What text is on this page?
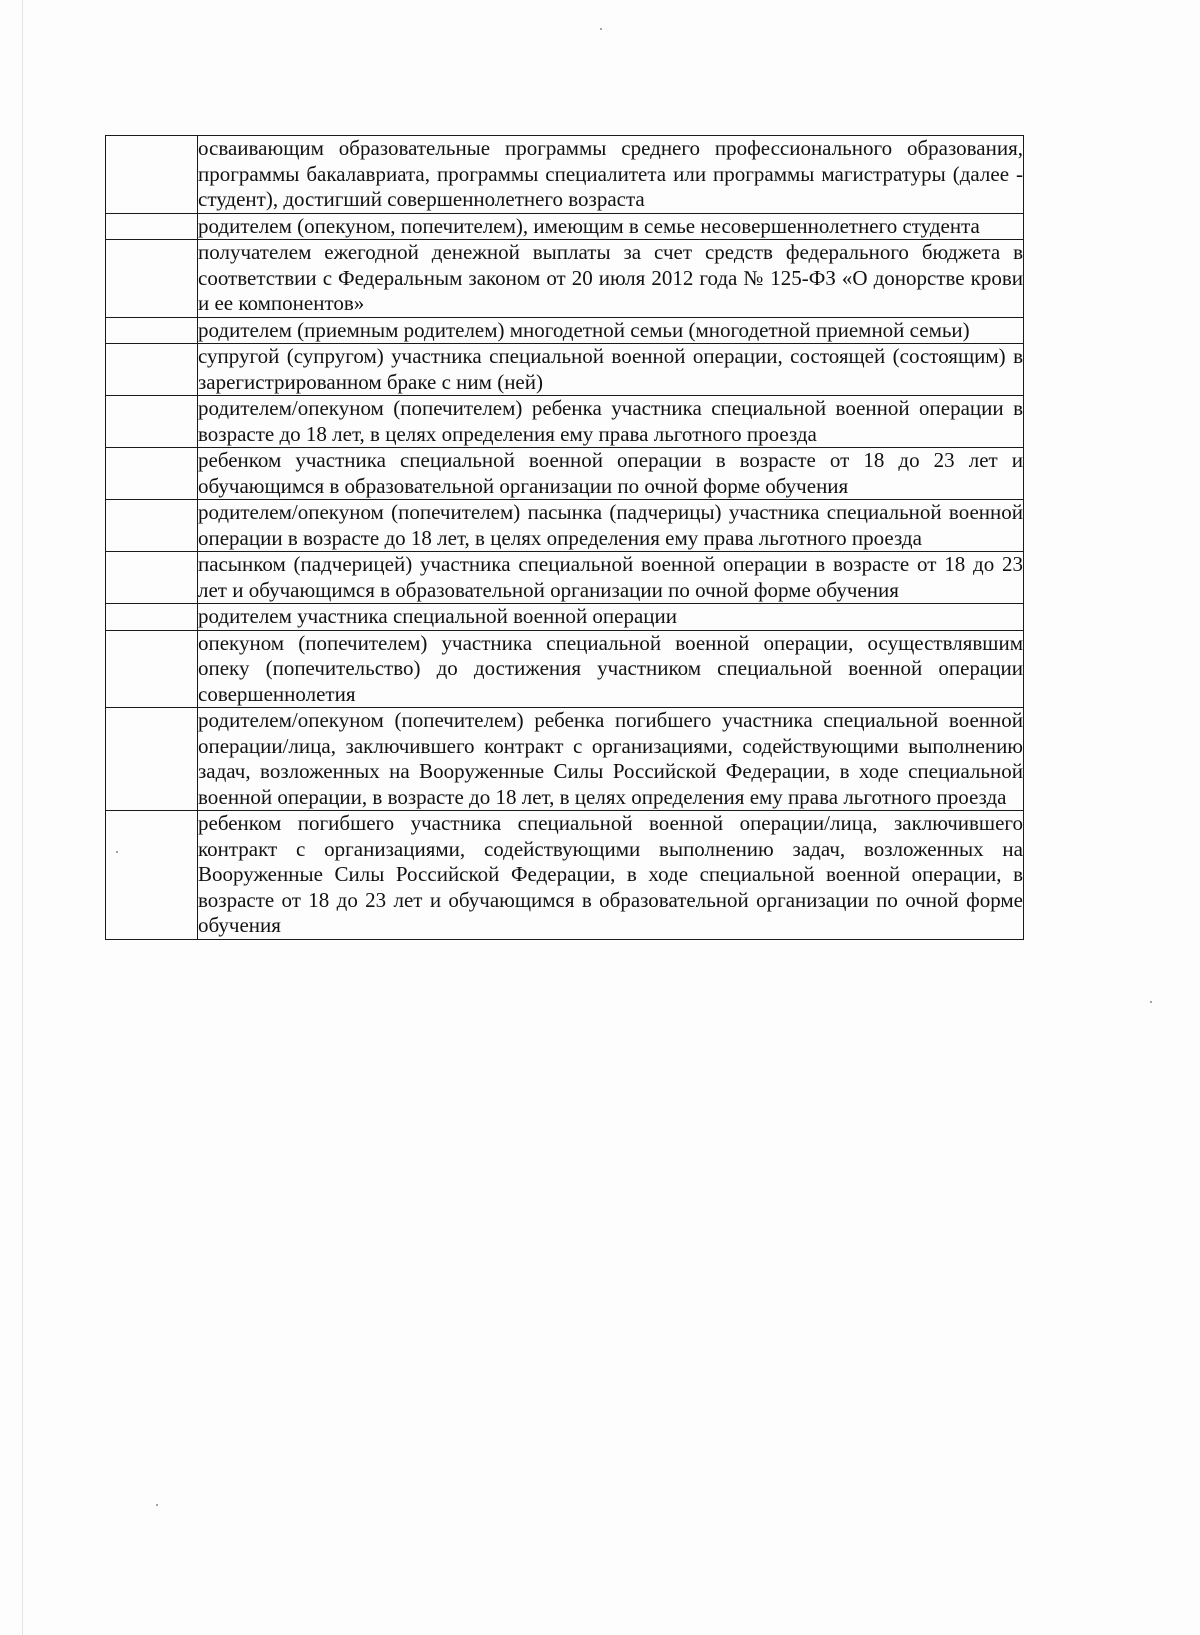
	осваивающим образовательные программы среднего профессионального образования, программы бакалавриата, программы специалитета или программы магистратуры (далее - студент), достигший совершеннолетнего возраста

	родителем (опекуном, попечителем), имеющим в семье несовершеннолетнего студента

	получателем ежегодной денежной выплаты за счет средств федерального бюджета в соответствии с Федеральным законом от 20 июля 2012 года № 125-ФЗ «О донорстве крови и ее компонентов»

	родителем (приемным родителем) многодетной семьи (многодетной приемной семьи)

	супругой (супругом) участника специальной военной операции, состоящей (состоящим) в зарегистрированном браке с ним (ней)

	родителем/опекуном (попечителем) ребенка участника специальной военной операции в возрасте до 18 лет, в целях определения ему права льготного проезда

	ребенком участника специальной военной операции в возрасте от 18 до 23 лет и обучающимся в образовательной организации по очной форме обучения

	родителем/опекуном (попечителем) пасынка (падчерицы) участника специальной военной операции в возрасте до 18 лет, в целях определения ему права льготного проезда

	пасынком (падчерицей) участника специальной военной операции в возрасте от 18 до 23 лет и обучающимся в образовательной организации по очной форме обучения

	родителем участника специальной военной операции

	опекуном (попечителем) участника специальной военной операции, осуществлявшим опеку (попечительство) до достижения участником специальной военной операции совершеннолетия

	родителем/опекуном (попечителем) ребенка погибшего участника специальной военной операции/лица, заключившего контракт с организациями, содействующими выполнению задач, возложенных на Вооруженные Силы Российской Федерации, в ходе специальной военной операции, в возрасте до 18 лет, в целях определения ему права льготного проезда

	ребенком погибшего участника специальной военной операции/лица, заключившего контракт с организациями, содействующими выполнению задач, возложенных на Вооруженные Силы Российской Федерации, в ходе специальной военной операции, в возрасте от 18 до 23 лет и обучающимся в образовательной организации по очной форме обучения
